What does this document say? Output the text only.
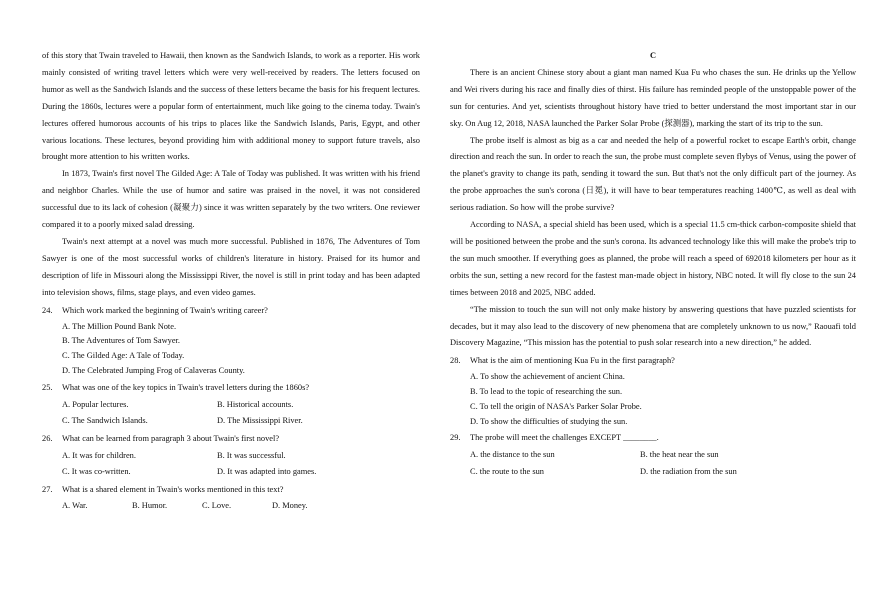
of this story that Twain traveled to Hawaii, then known as the Sandwich Islands, to work as a reporter. His work mainly consisted of writing travel letters which were very well-received by readers. The letters focused on humor as well as the Sandwich Islands and the success of these letters became the basis for his frequent lectures. During the 1860s, lectures were a popular form of entertainment, much like going to the cinema today. Twain's lectures offered humorous accounts of his trips to places like the Sandwich Islands, Paris, Egypt, and other various locations. These lectures, beyond providing him with additional money to support future travels, also brought more attention to his written works.

In 1873, Twain's first novel The Gilded Age: A Tale of Today was published. It was written with his friend and neighbor Charles. While the use of humor and satire was praised in the novel, it was not considered successful due to its lack of cohesion (凝聚力) since it was written separately by the two writers. One reviewer compared it to a poorly mixed salad dressing.

Twain's next attempt at a novel was much more successful. Published in 1876, The Adventures of Tom Sawyer is one of the most successful works of children's literature in history. Praised for its humor and description of life in Missouri along the Mississippi River, the novel is still in print today and has been adapted into television shows, films, stage plays, and even video games.

24.	Which work marked the beginning of Twain's writing career?
A. The Million Pound Bank Note.
B. The Adventures of Tom Sawyer.
C. The Gilded Age: A Tale of Today.
D. The Celebrated Jumping Frog of Calaveras County.
25.	What was one of the key topics in Twain's travel letters during the 1860s?
A. Popular lectures.	B. Historical accounts.
C. The Sandwich Islands.	D. The Mississippi River.
26.	What can be learned from paragraph 3 about Twain's first novel?
A. It was for children.	B. It was successful.
C. It was co-written.	D. It was adapted into games.
27.	What is a shared element in Twain's works mentioned in this text?
A. War.	B. Humor.	C. Love.	D. Money.

C

There is an ancient Chinese story about a giant man named Kua Fu who chases the sun. He drinks up the Yellow and Wei rivers during his race and finally dies of thirst. His failure has reminded people of the unstoppable power of the sun for centuries. And yet, scientists throughout history have tried to better understand the most important star in our sky. On Aug 12, 2018, NASA launched the Parker Solar Probe (探测器), marking the start of its trip to the sun.

The probe itself is almost as big as a car and needed the help of a powerful rocket to escape Earth's orbit, change direction and reach the sun. In order to reach the sun, the probe must complete seven flybys of Venus, using the power of the planet's gravity to change its path, sending it toward the sun. But that's not the only difficult part of the journey. As the probe approaches the sun's corona (日冕), it will have to bear temperatures reaching 1400℃, as well as deal with serious radiation. So how will the probe survive?

According to NASA, a special shield has been used, which is a special 11.5 cm-thick carbon-composite shield that will be positioned between the probe and the sun's corona. Its advanced technology like this will make the probe's trip to the sun much smoother. If everything goes as planned, the probe will reach a speed of 692018 kilometers per hour as it orbits the sun, setting a new record for the fastest man-made object in history, NBC noted. It will fly close to the sun 24 times between 2018 and 2025, NBC added.

“The mission to touch the sun will not only make history by answering questions that have puzzled scientists for decades, but it may also lead to the discovery of new phenomena that are completely unknown to us now,” Raouafi told Discovery Magazine, “This mission has the potential to push solar research into a new direction,” he added.

28.	What is the aim of mentioning Kua Fu in the first paragraph?
A. To show the achievement of ancient China.
B. To lead to the topic of researching the sun.
C. To tell the origin of NASA's Parker Solar Probe.
D. To show the difficulties of studying the sun.
29.	The probe will meet the challenges EXCEPT ________.
A. the distance to the sun	B. the heat near the sun
C. the route to the sun	D. the radiation from the sun
